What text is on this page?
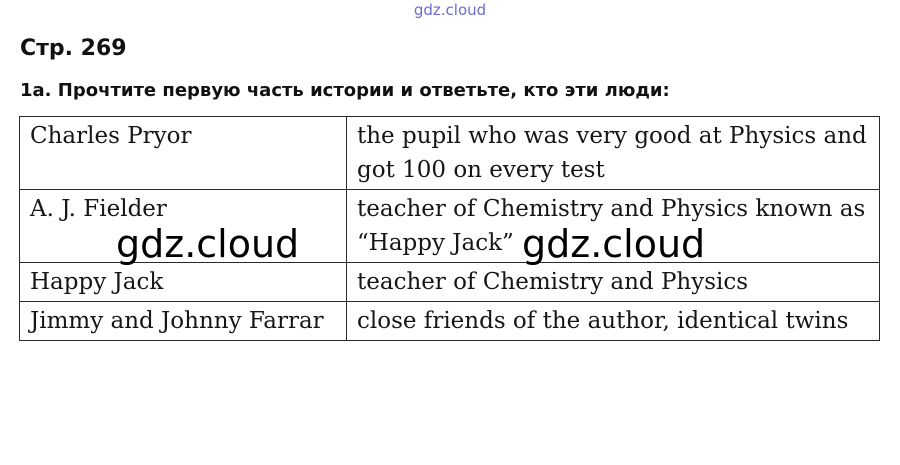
gdz.cloud
Стр. 269
1a. Прочтите первую часть истории и ответьте, кто эти люди:
Charles Pryor	the pupil who was very good at Physics and got 100 on every test
A. J. Fielder	teacher of Chemistry and Physics known as “Happy Jack”
Happy Jack	teacher of Chemistry and Physics
Jimmy and Johnny Farrar	close friends of the author, identical twins
gdz.cloud	gdz.cloud
